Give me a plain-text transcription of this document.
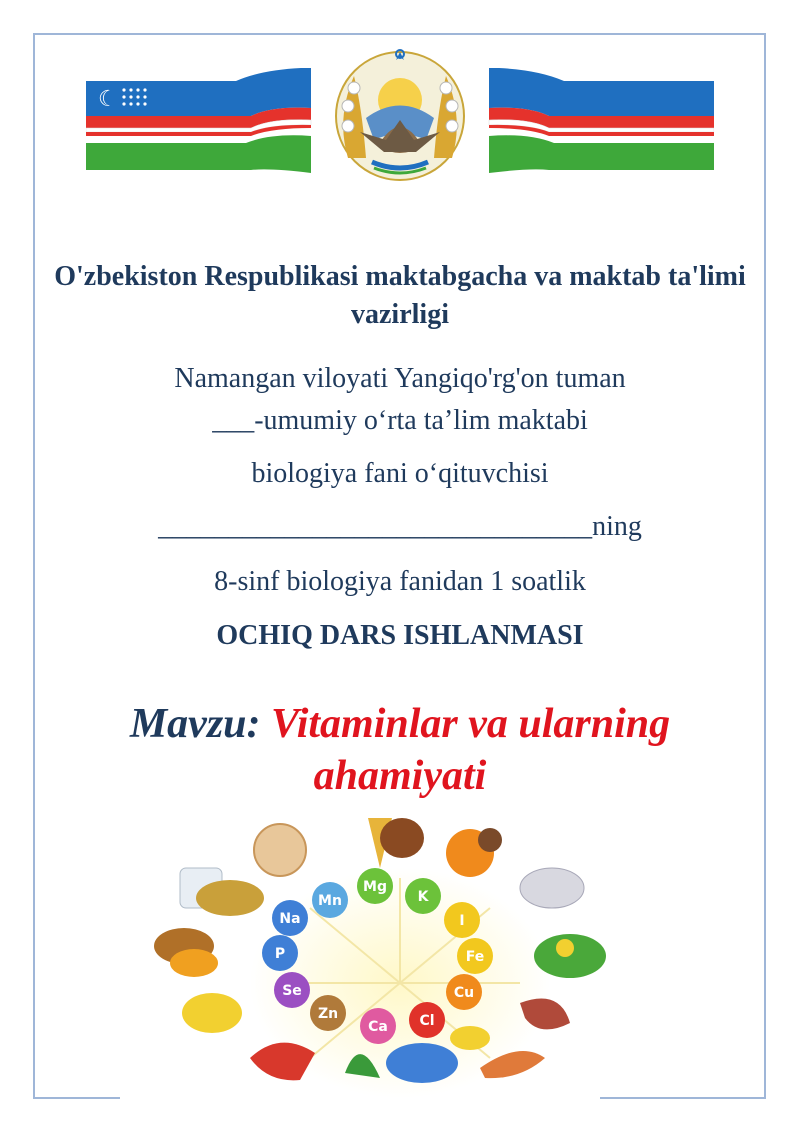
☾
O'zbekiston Respublikasi maktabgacha va maktab ta'limi vazirligi
Namangan viloyati Yangiqo'rg'on tuman
___-umumiy o‘rta ta’lim maktabi
biologiya fani o‘qituvchisi
_______________________________ning
8-sinf biologiya fanidan 1 soatlik
OCHIQ DARS ISHLANMASI
Mavzu: Vitaminlar va ularning ahamiyati
Mn
Mg
K
I
Fe
Cu
Cl
Ca
Zn
Se
P
Na
